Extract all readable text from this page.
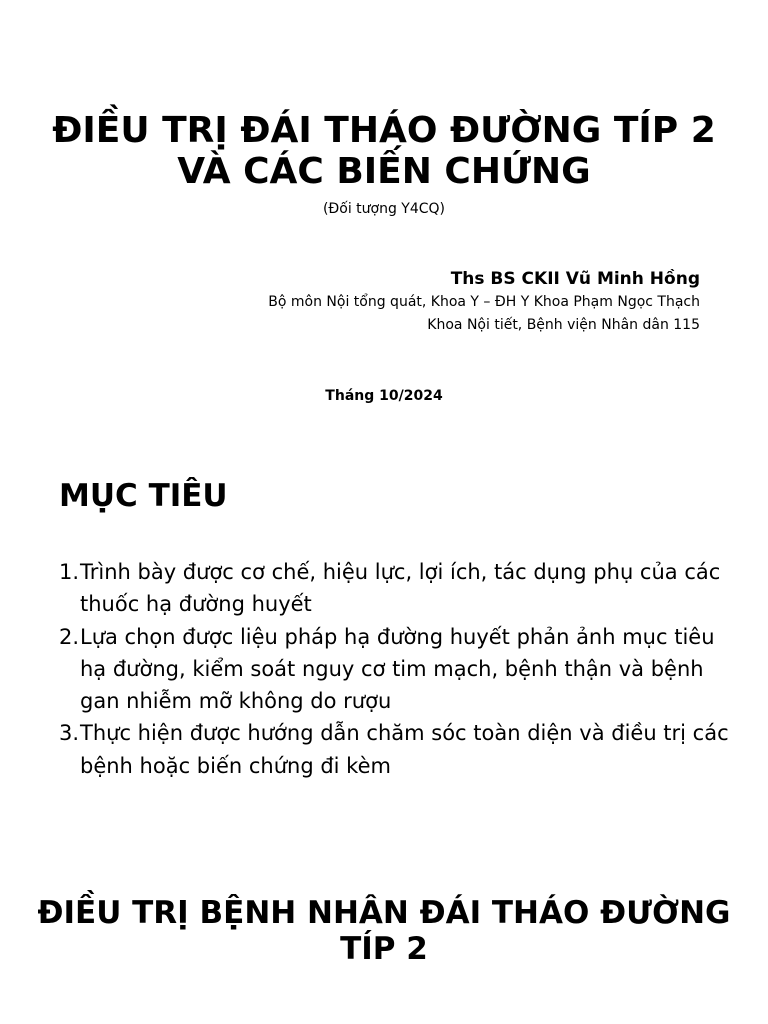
ĐIỀU TRỊ ĐÁI THÁO ĐƯỜNG TÍP 2
VÀ CÁC BIẾN CHỨNG
(Đối tượng Y4CQ)
Ths BS CKII Vũ Minh Hồng
Bộ môn Nội tổng quát, Khoa Y – ĐH Y Khoa Phạm Ngọc Thạch
Khoa Nội tiết, Bệnh viện Nhân dân 115
Tháng 10/2024
MỤC TIÊU
1. Trình bày được cơ chế, hiệu lực, lợi ích, tác dụng phụ của các thuốc hạ đường huyết
2. Lựa chọn được liệu pháp hạ đường huyết phản ảnh mục tiêu hạ đường, kiểm soát nguy cơ tim mạch, bệnh thận và bệnh gan nhiễm mỡ không do rượu
3. Thực hiện được hướng dẫn chăm sóc toàn diện và điều trị các bệnh hoặc biến chứng đi kèm
ĐIỀU TRỊ BỆNH NHÂN ĐÁI THÁO ĐƯỜNG
TÍP 2
